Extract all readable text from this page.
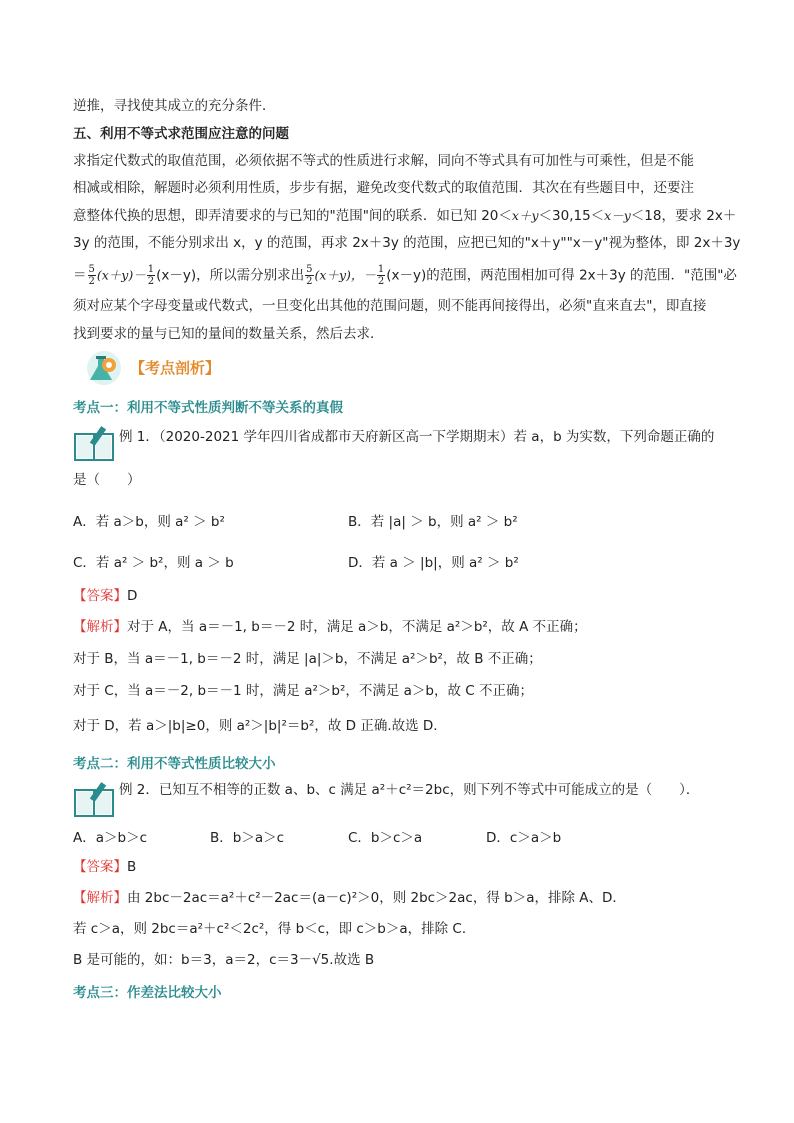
逆推，寻找使其成立的充分条件．
五、利用不等式求范围应注意的问题
求指定代数式的取值范围，必须依据不等式的性质进行求解，同向不等式具有可加性与可乘性，但是不能
相减或相除，解题时必须利用性质，步步有据，避免改变代数式的取值范围．其次在有些题目中，还要注
意整体代换的思想，即弄清要求的与已知的"范围"间的联系．如已知 20＜x＋y＜30,15＜x－y＜18，要求 2x＋
3y 的范围，不能分别求出 x，y 的范围，再求 2x＋3y 的范围，应把已知的"x＋y""x－y"视为整体，即 2x＋3y
＝ $\frac{5}{2} (x+y)- \frac{1}{2} (x-y)$，所以需分别求出 $\frac{5}{2} (x+y)$，－ $\frac{1}{2} (x-y)$的范围，两范围相加可得 2x＋3y 的范围．"范围"必
须对应某个字母变量或代数式，一旦变化出其他的范围问题，则不能再间接得出，必须"直来直去"，即直接
找到要求的量与已知的量间的数量关系，然后去求．
【考点剖析】
考点一：利用不等式性质判断不等关系的真假
例 1．（2020-2021 学年四川省成都市天府新区高一下学期期末）若 a，b 为实数，下列命题正确的
是（　　）
A．若 a＞b，则 a² ＞ b²	B．若 |a| ＞ b，则 a² ＞ b²
C．若 a² ＞ b²，则 a ＞ b	D．若 a ＞ |b|，则 a² ＞ b²
【答案】D
【解析】对于 A，当 a＝－1, b＝－2 时，满足 a＞b，不满足 a²＞b²，故 A 不正确；
对于 B，当 a＝－1, b＝－2 时，满足 |a|＞b，不满足 a²＞b²，故 B 不正确；
对于 C，当 a＝－2, b＝－1 时，满足 a²＞b²，不满足 a＞b，故 C 不正确；
对于 D，若 a＞|b|≥0，则 a²＞|b|²＝b²，故 D 正确.故选 D.
考点二：利用不等式性质比较大小
例 2．已知互不相等的正数 a、b、c 满足 a²＋c²＝2bc，则下列不等式中可能成立的是（　　）．
A．a＞b＞c	B．b＞a＞c	C．b＞c＞a	D．c＞a＞b
【答案】B
【解析】由 2bc－2ac＝a²＋c²－2ac＝(a－c)²＞0，则 2bc＞2ac，得 b＞a，排除 A、D．
若 c＞a，则 2bc＝a²＋c²＜2c²，得 b＜c，即 c＞b＞a，排除 C．
B 是可能的，如：b＝3，a＝2，c＝3－√5.故选 B
考点三：作差法比较大小
